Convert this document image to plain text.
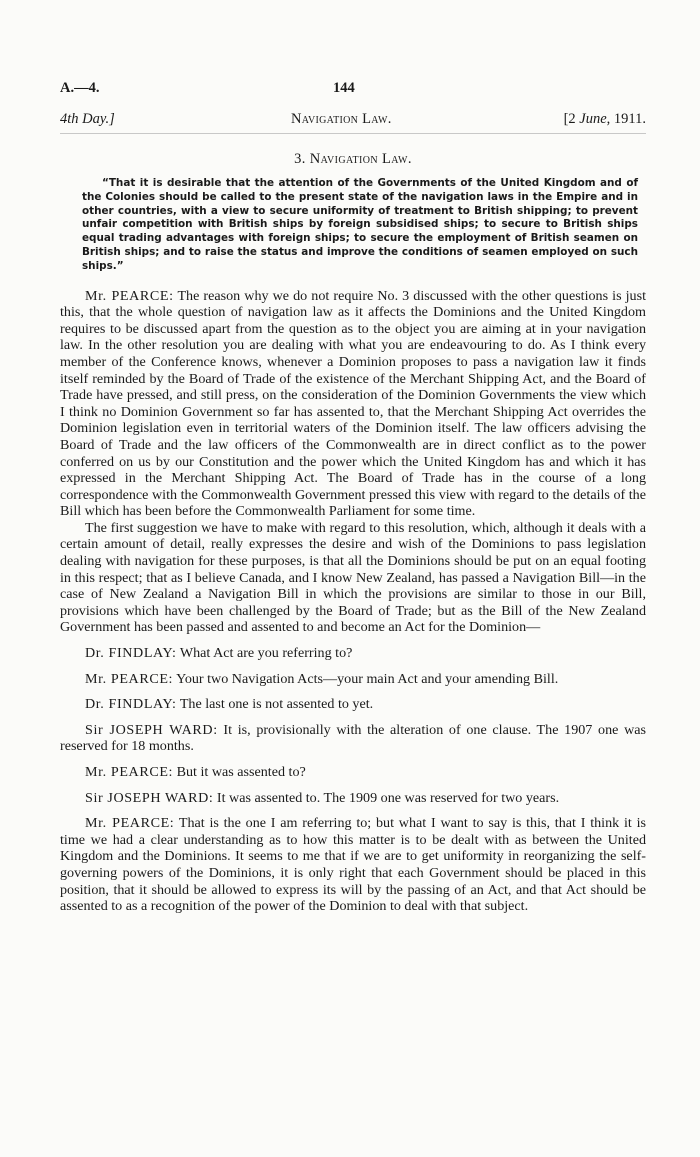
A.—4.	144
4th Day.]	Navigation Law.	[2 June, 1911.
3. Navigation Law.
“That it is desirable that the attention of the Governments of the United Kingdom and of the Colonies should be called to the present state of the navigation laws in the Empire and in other countries, with a view to secure uniformity of treatment to British shipping; to prevent unfair competition with British ships by foreign subsidised ships; to secure to British ships equal trading advantages with foreign ships; to secure the employment of British seamen on British ships; and to raise the status and improve the conditions of seamen employed on such ships.”

Mr. PEARCE: The reason why we do not require No. 3 discussed with the other questions is just this, that the whole question of navigation law as it affects the Dominions and the United Kingdom requires to be discussed apart from the question as to the object you are aiming at in your navigation law. In the other resolution you are dealing with what you are endeavouring to do. As I think every member of the Conference knows, whenever a Dominion proposes to pass a navigation law it finds itself reminded by the Board of Trade of the existence of the Merchant Shipping Act, and the Board of Trade have pressed, and still press, on the consideration of the Dominion Governments the view which I think no Dominion Government so far has assented to, that the Merchant Shipping Act overrides the Dominion legislation even in territorial waters of the Dominion itself. The law officers advising the Board of Trade and the law officers of the Commonwealth are in direct conflict as to the power conferred on us by our Constitution and the power which the United Kingdom has and which it has expressed in the Merchant Shipping Act. The Board of Trade has in the course of a long correspondence with the Commonwealth Government pressed this view with regard to the details of the Bill which has been before the Commonwealth Parliament for some time.

The first suggestion we have to make with regard to this resolution, which, although it deals with a certain amount of detail, really expresses the desire and wish of the Dominions to pass legislation dealing with navigation for these purposes, is that all the Dominions should be put on an equal footing in this respect; that as I believe Canada, and I know New Zealand, has passed a Navigation Bill—in the case of New Zealand a Navigation Bill in which the provisions are similar to those in our Bill, provisions which have been challenged by the Board of Trade; but as the Bill of the New Zealand Government has been passed and assented to and become an Act for the Dominion—

Dr. FINDLAY: What Act are you referring to?

Mr. PEARCE: Your two Navigation Acts—your main Act and your amending Bill.

Dr. FINDLAY: The last one is not assented to yet.

Sir JOSEPH WARD: It is, provisionally with the alteration of one clause. The 1907 one was reserved for 18 months.

Mr. PEARCE: But it was assented to?

Sir JOSEPH WARD: It was assented to. The 1909 one was reserved for two years.

Mr. PEARCE: That is the one I am referring to; but what I want to say is this, that I think it is time we had a clear understanding as to how this matter is to be dealt with as between the United Kingdom and the Dominions. It seems to me that if we are to get uniformity in reorganizing the self-governing powers of the Dominions, it is only right that each Government should be placed in this position, that it should be allowed to express its will by the passing of an Act, and that Act should be assented to as a recognition of the power of the Dominion to deal with that subject.
